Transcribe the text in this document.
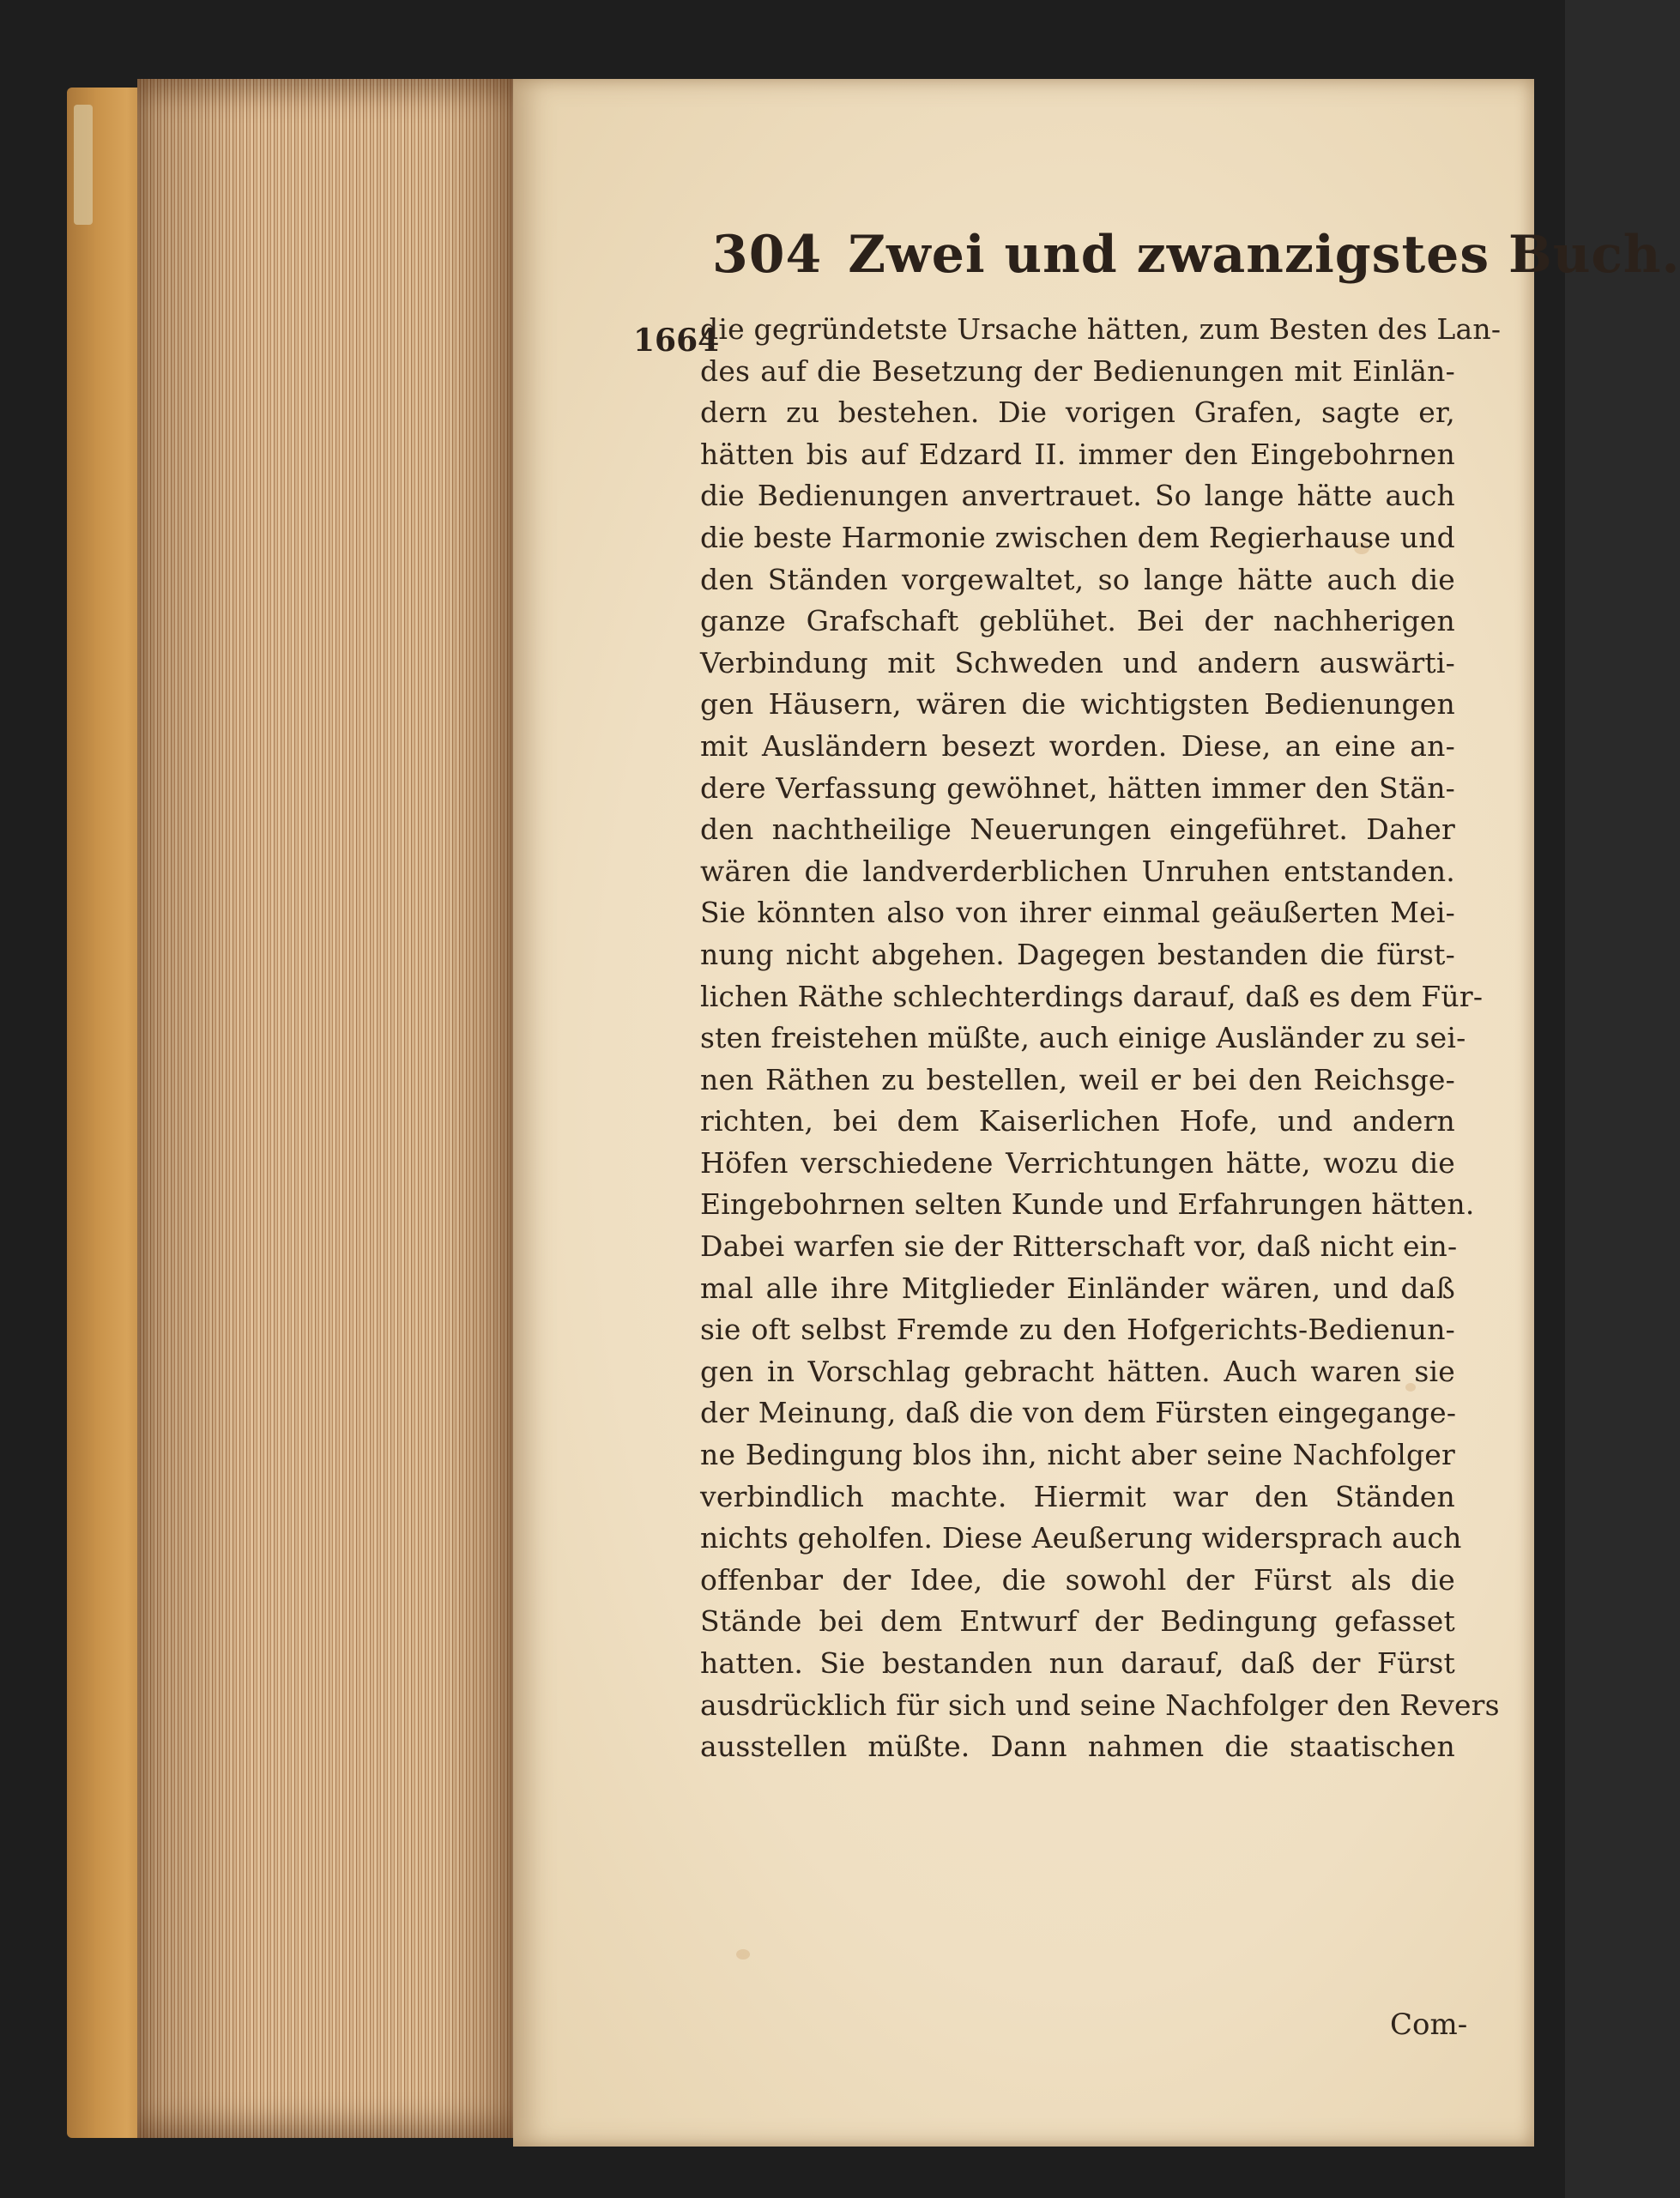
304 Zwei und zwanzigstes Buch.
1664
die gegründetste Ursache hätten, zum Besten des Lan-
des auf die Besetzung der Bedienungen mit Einlän-
dern zu bestehen. Die vorigen Grafen, sagte er,
hätten bis auf Edzard II. immer den Eingebohrnen
die Bedienungen anvertrauet. So lange hätte auch
die beste Harmonie zwischen dem Regierhause und
den Ständen vorgewaltet, so lange hätte auch die
ganze Grafschaft geblühet. Bei der nachherigen
Verbindung mit Schweden und andern auswärti-
gen Häusern, wären die wichtigsten Bedienungen
mit Ausländern besezt worden. Diese, an eine an-
dere Verfassung gewöhnet, hätten immer den Stän-
den nachtheilige Neuerungen eingeführet. Daher
wären die landverderblichen Unruhen entstanden.
Sie könnten also von ihrer einmal geäußerten Mei-
nung nicht abgehen. Dagegen bestanden die fürst-
lichen Räthe schlechterdings darauf, daß es dem Für-
sten freistehen müßte, auch einige Ausländer zu sei-
nen Räthen zu bestellen, weil er bei den Reichsge-
richten, bei dem Kaiserlichen Hofe, und andern
Höfen verschiedene Verrichtungen hätte, wozu die
Eingebohrnen selten Kunde und Erfahrungen hätten.
Dabei warfen sie der Ritterschaft vor, daß nicht ein-
mal alle ihre Mitglieder Einländer wären, und daß
sie oft selbst Fremde zu den Hofgerichts-Bedienun-
gen in Vorschlag gebracht hätten. Auch waren sie
der Meinung, daß die von dem Fürsten eingegange-
ne Bedingung blos ihn, nicht aber seine Nachfolger
verbindlich machte. Hiermit war den Ständen
nichts geholfen. Diese Aeußerung widersprach auch
offenbar der Idee, die sowohl der Fürst als die
Stände bei dem Entwurf der Bedingung gefasset
hatten. Sie bestanden nun darauf, daß der Fürst
ausdrücklich für sich und seine Nachfolger den Revers
ausstellen müßte. Dann nahmen die staatischen
Com-
